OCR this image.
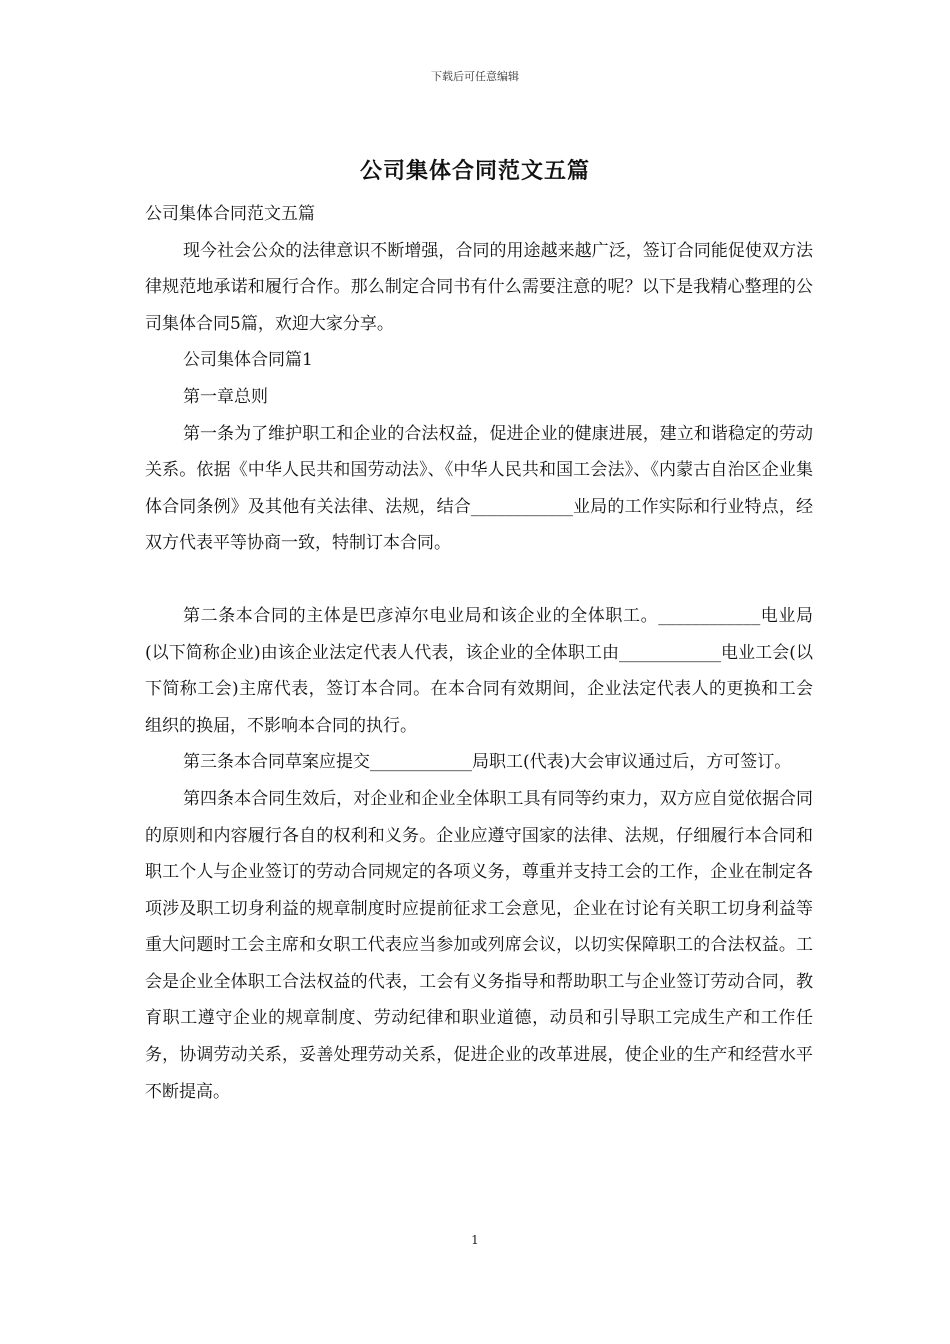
下载后可任意编辑
公司集体合同范文五篇

公司集体合同范文五篇

现今社会公众的法律意识不断增强，合同的用途越来越广泛，签订合同能促使双方法律规范地承诺和履行合作。那么制定合同书有什么需要注意的呢？以下是我精心整理的公司集体合同5篇，欢迎大家分享。

公司集体合同篇1

第一章总则

第一条为了维护职工和企业的合法权益，促进企业的健康进展，建立和谐稳定的劳动关系。依据《中华人民共和国劳动法》、《中华人民共和国工会法》、《内蒙古自治区企业集体合同条例》及其他有关法律、法规，结合____________业局的工作实际和行业特点，经双方代表平等协商一致，特制订本合同。

第二条本合同的主体是巴彦淖尔电业局和该企业的全体职工。____________电业局(以下简称企业)由该企业法定代表人代表，该企业的全体职工由____________电业工会(以下简称工会)主席代表，签订本合同。在本合同有效期间，企业法定代表人的更换和工会组织的换届，不影响本合同的执行。

第三条本合同草案应提交____________局职工(代表)大会审议通过后，方可签订。

第四条本合同生效后，对企业和企业全体职工具有同等约束力，双方应自觉依据合同的原则和内容履行各自的权利和义务。企业应遵守国家的法律、法规，仔细履行本合同和职工个人与企业签订的劳动合同规定的各项义务，尊重并支持工会的工作，企业在制定各项涉及职工切身利益的规章制度时应提前征求工会意见，企业在讨论有关职工切身利益等重大问题时工会主席和女职工代表应当参加或列席会议，以切实保障职工的合法权益。工会是企业全体职工合法权益的代表，工会有义务指导和帮助职工与企业签订劳动合同，教育职工遵守企业的规章制度、劳动纪律和职业道德，动员和引导职工完成生产和工作任务，协调劳动关系，妥善处理劳动关系，促进企业的改革进展，使企业的生产和经营水平不断提高。

1
